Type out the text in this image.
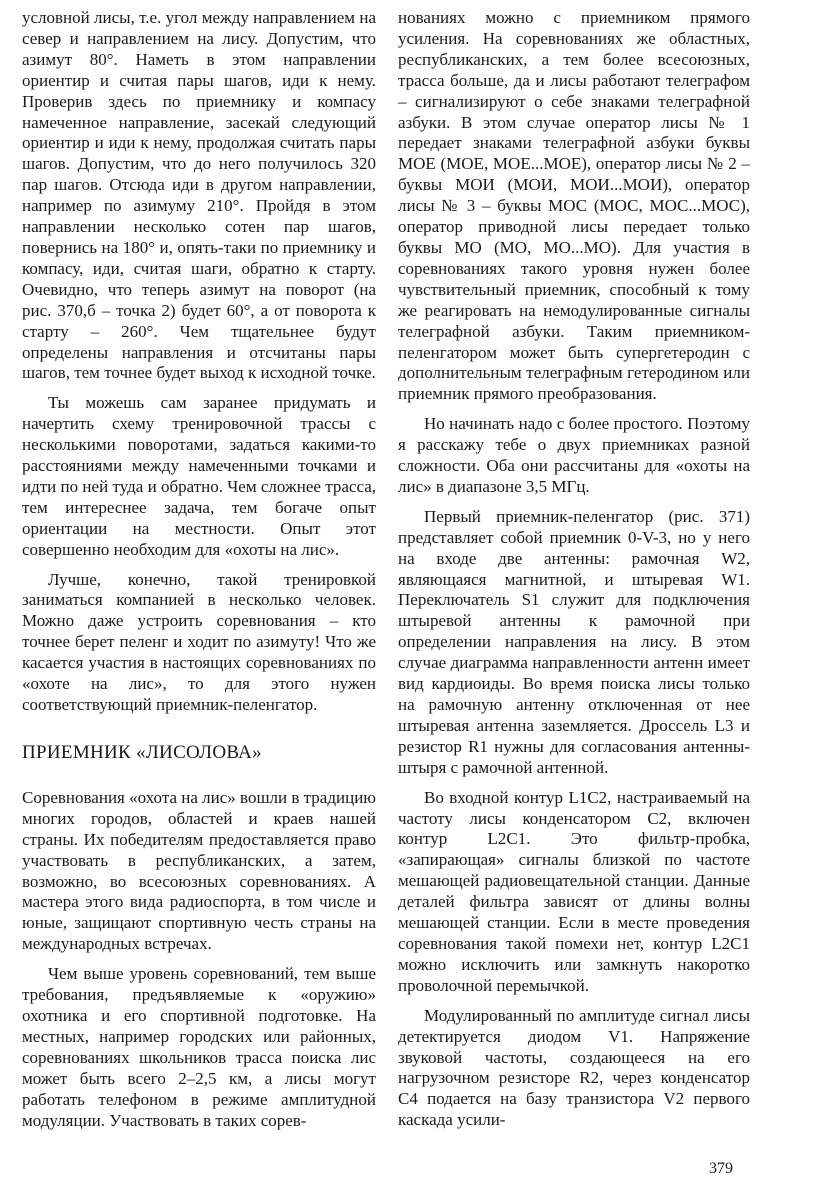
условной лисы, т.е. угол между направлением на север и направлением на лису. Допустим, что азимут 80°. Наметь в этом направлении ориентир и считая пары шагов, иди к нему. Проверив здесь по приемнику и компасу намеченное направление, засекай следующий ориентир и иди к нему, продолжая считать пары шагов. Допустим, что до него получилось 320 пар шагов. Отсюда иди в другом направлении, например по азимуму 210°. Пройдя в этом направлении несколько сотен пар шагов, повернись на 180° и, опять-таки по приемнику и компасу, иди, считая шаги, обратно к старту. Очевидно, что теперь азимут на поворот (на рис. 370,б – точка 2) будет 60°, а от поворота к старту – 260°. Чем тщательнее будут определены направления и отсчитаны пары шагов, тем точнее будет выход к исходной точке.

Ты можешь сам заранее придумать и начертить схему тренировочной трассы с несколькими поворотами, задаться какими-то расстояниями между намеченными точками и идти по ней туда и обратно. Чем сложнее трасса, тем интереснее задача, тем богаче опыт ориентации на местности. Опыт этот совершенно необходим для «охоты на лис».

Лучше, конечно, такой тренировкой заниматься компанией в несколько человек. Можно даже устроить соревнования – кто точнее берет пеленг и ходит по азимуту! Что же касается участия в настоящих соревнованиях по «охоте на лис», то для этого нужен соответствующий приемник-пеленгатор.

ПРИЕМНИК «ЛИСОЛОВА»

Соревнования «охота на лис» вошли в традицию многих городов, областей и краев нашей страны. Их победителям предоставляется право участвовать в республиканских, а затем, возможно, во всесоюзных соревнованиях. А мастера этого вида радиоспорта, в том числе и юные, защищают спортивную честь страны на международных встречах.

Чем выше уровень соревнований, тем выше требования, предъявляемые к «оружию» охотника и его спортивной подготовке. На местных, например городских или районных, соревнованиях школьников трасса поиска лис может быть всего 2–2,5 км, а лисы могут работать телефоном в режиме амплитудной модуляции. Участвовать в таких сорев-

нованиях можно с приемником прямого усиления. На соревнованиях же областных, республиканских, а тем более всесоюзных, трасса больше, да и лисы работают телеграфом – сигнализируют о себе знаками телеграфной азбуки. В этом случае оператор лисы № 1 передает знаками телеграфной азбуки буквы МОЕ (МОЕ, МОЕ...МОЕ), оператор лисы № 2 – буквы МОИ (МОИ, МОИ...МОИ), оператор лисы № 3 – буквы МОС (МОС, МОС...МОС), оператор приводной лисы передает только буквы МО (МО, МО...МО). Для участия в соревнованиях такого уровня нужен более чувствительный приемник, способный к тому же реагировать на немодулированные сигналы телеграфной азбуки. Таким приемником-пеленгатором может быть супергетеродин с дополнительным телеграфным гетеродином или приемник прямого преобразования.

Но начинать надо с более простого. Поэтому я расскажу тебе о двух приемниках разной сложности. Оба они рассчитаны для «охоты на лис» в диапазоне 3,5 МГц.

Первый приемник-пеленгатор (рис. 371) представляет собой приемник 0-V-3, но у него на входе две антенны: рамочная W2, являющаяся магнитной, и штыревая W1. Переключатель S1 служит для подключения штыревой антенны к рамочной при определении направления на лису. В этом случае диаграмма направленности антенн имеет вид кардиоиды. Во время поиска лисы только на рамочную антенну отключенная от нее штыревая антенна заземляется. Дроссель L3 и резистор R1 нужны для согласования антенны-штыря с рамочной антенной.

Во входной контур L1C2, настраиваемый на частоту лисы конденсатором C2, включен контур L2C1. Это фильтр-пробка, «запирающая» сигналы близкой по частоте мешающей радиовещательной станции. Данные деталей фильтра зависят от длины волны мешающей станции. Если в месте проведения соревнования такой помехи нет, контур L2C1 можно исключить или замкнуть накоротко проволочной перемычкой.

Модулированный по амплитуде сигнал лисы детектируется диодом V1. Напряжение звуковой частоты, создающееся на его нагрузочном резисторе R2, через конденсатор C4 подается на базу транзистора V2 первого каскада усили-

379
